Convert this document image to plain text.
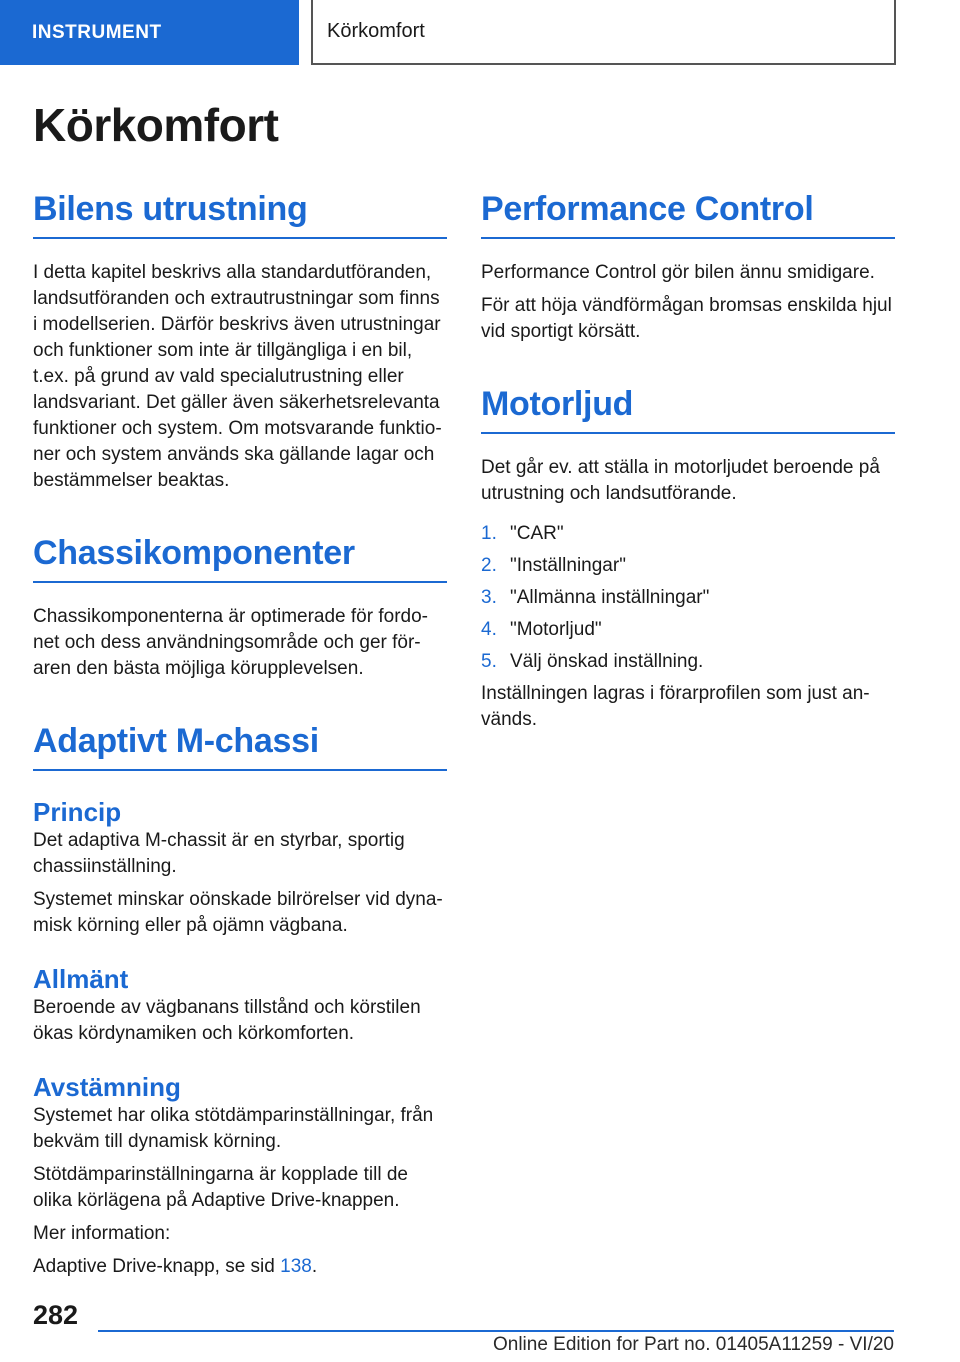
INSTRUMENT	Körkomfort
Körkomfort
Bilens utrustning

I detta kapitel beskrivs alla standardutföranden, landsutföranden och extrautrustningar som finns i modellserien. Därför beskrivs även utrustningar och funktioner som inte är tillgängliga i en bil, t.ex. på grund av vald specialutrustning eller landsvariant. Det gäller även säkerhetsrelevanta funktioner och system. Om motsvarande funktio-ner och system används ska gällande lagar och bestämmelser beaktas.

Chassikomponenter

Chassikomponenterna är optimerade för fordo-net och dess användningsområde och ger för-aren den bästa möjliga körupplevelsen.

Adaptivt M-chassi
Princip

Det adaptiva M-chassit är en styrbar, sportig chassiinställning.

Systemet minskar oönskade bilrörelser vid dyna-misk körning eller på ojämn vägbana.

Allmänt

Beroende av vägbanans tillstånd och körstilen ökas kördynamiken och körkomforten.

Avstämning

Systemet har olika stötdämparinställningar, från bekväm till dynamisk körning.

Stötdämparinställningarna är kopplade till de olika körlägena på Adaptive Drive-knappen.

Mer information:

Adaptive Drive-knapp, se sid 138.

Performance Control

Performance Control gör bilen ännu smidigare.

För att höja vändförmågan bromsas enskilda hjul vid sportigt körsätt.

Motorljud

Det går ev. att ställa in motorljudet beroende på utrustning och landsutförande.

1. "CAR"
2. "Inställningar"
3. "Allmänna inställningar"
4. "Motorljud"
5. Välj önskad inställning.

Inställningen lagras i förarprofilen som just an-vänds.

282
Online Edition for Part no. 01405A11259 - VI/20
